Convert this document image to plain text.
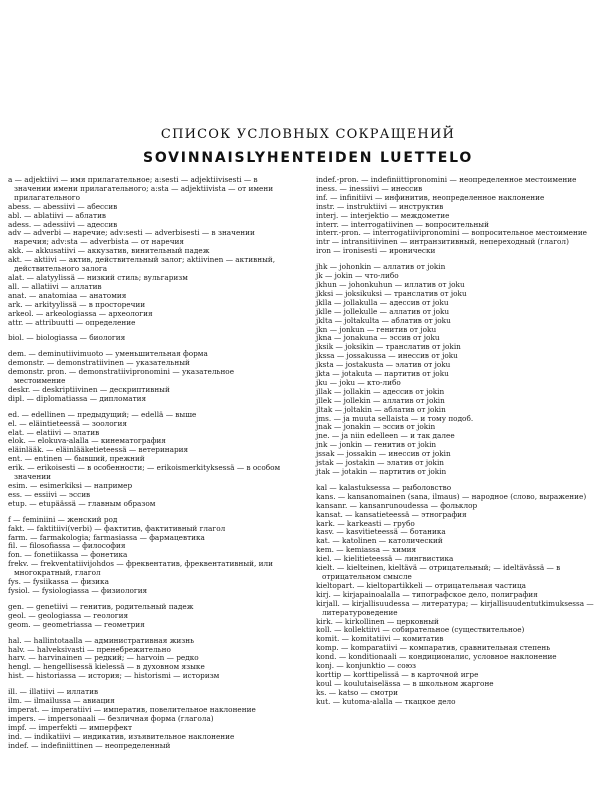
СПИСОК УСЛОВНЫХ СОКРАЩЕНИЙ
SOVINNAISLYHENTEIDEN LUETTELO

a — adjektiivi — имя прилагательное; a:sesti — adjektiivisesti — в значении имени прилагательного; a:sta — adjektiivista — от имени прилагательного

abess. — abessiivi — абессив

abl. — ablatiivi — аблатив

adess. — adessiivi — адессив

adv — adverbi — наречие; adv:sesti — adverbisesti — в значении наречия; adv:sta — adverbista — от наречия

akk. — akkusatiivi — аккузатив, винительный падеж

akt. — aktiivi — актив, действительный залог; aktiivinen — активный, действительного залога

alat. — alatyylissä — низкий стиль; вульгаризм

all. — allatiivi — аллатив

anat. — anatomiaa — анатомия

ark. — arkityylissä — в просторечии

arkeol. — arkeologiassa — археология

attr. — attribuutti — определение

biol. — biologiassa — биология

dem. — deminutiivimuoto — уменьшительная форма

demonstr. — demonstratiivinen — указательный

demonstr. pron. — demonstratiivipronomini — указательное местоимение

deskr. — deskriptiivinen — дескриптивный

dipl. — diplomatiassa — дипломатия

ed. — edellinen — предыдущий; — edellä — выше

el. — eläintieteessä — зоология

elat. — elatiivi — элатив

elok. — elokuva-alalla — кинематография

eläinlääk. — eläinlääketieteessä — ветеринария

ent. — entinen — бывший, прежний

erik. — erikoisesti — в особенности; — erikoismerkityksessä — в особом значении

esim. — esimerkiksi — например

ess. — essiivi — эссив

etup. — etupäässä — главным образом

f — feminiini — женский род

fakt. — faktitiivi(verbi) — фактитив, фактитивный глагол

farm. — farmakologia; farmasiassa — фармацевтика

fil. — filosofiassa — философия

fon. — fonetiikassa — фонетика

frekv. — frekventatiivijohdos — фреквентатив, фреквентативный, или многократный, глагол

fys. — fysiikassa — физика

fysiol. — fysiologiassa — физиология

gen. — genetiivi — генитив, родительный падеж

geol. — geologiassa — геология

geom. — geometriassa — геометрия

hal. — hallintotaalla — административная жизнь

halv. — halveksivasti — пренебрежительно

harv. — harvinainen — редкий; — harvoin — редко

hengl. — hengellisessä kielessä — в духовном языке

hist. — historiassa — история; — historismi — историзм

ill. — illatiivi — иллатив

ilm. — ilmailussa — авиация

imperat. — imperatiivi — императив, повелительное наклонение

impers. — impersonaali — безличная форма (глагола)

impf. — imperfekti — имперфект

ind. — indikatiivi — индикатив, изъявительное наклонение

indef. — indefiniittinen — неопределенный

indef.-pron. — indefiniittipronomini — неопределенное местоимение

iness. — inessiivi — инессив

inf. — infinitiivi — инфинитив, неопределенное наклонение

instr. — instruktiivi — инструктив

interj. — interjektio — междометие

interr. — interrogatiivinen — вопросительный

interr.-pron. — interrogatiivipronomini — вопросительное местоимение

intr — intransitiivinen — интранзитивный, непереходный (глагол)

iron — ironisesti — иронически

jhk — johonkin — аллатив от jokin

jk — jokin — что-либо

jkhun — johonkuhun — иллатив от joku

jkksi — joksikuksi — транслатив от joku

jklla — jollakulla — адессив от joku

jklle — jollekulle — аллатив от joku

jklta — joltakulta — аблатив от joku

jkn — jonkun — генитив от joku

jkna — jonakuna — эссив от joku

jksik — joksikin — транслатив от jokin

jkssa — jossakussa — инессив от joku

jksta — jostakusta — элатив от joku

jkta — jotakuta — партитив от joku

jku — joku — кто-либо

jllak — jollakin — адессив от jokin

jllek — jollekin — аллатив от jokin

jltak — joltakin — аблатив от jokin

jms. — ja muuta sellaista — и тому подоб.

jnak — jonakin — эссив от jokin

jne. — ja niin edelleen — и так далее

jnk — jonkin — генитив от jokin

jssak — jossakin — инессив от jokin

jstak — jostakin — элатив от jokin

jtak — jotakin — партитив от jokin

kal — kalastuksessa — рыболовство

kans. — kansanomainen (sana, ilmaus) — народное (слово, выражение)

kansanr. — kansanrunoudessa — фольклор

kansat. — kansatieteessä — этнография

kark. — karkeasti — грубо

kasv. — kasvitieteessä — ботаника

kat. — katolinen — католический

kem. — kemiassa — химия

kiel. — kielitieteessä — лингвистика

kielt. — kielteinen, kieltävä — отрицательный; — ideltävässä — в отрицательном смысле

kieltopart. — kieltopartikkeli — отрицательная частица

kirj. — kirjapainoalalla — типографское дело, полиграфия

kirjall. — kirjallisuudessa — литература; — kirjallisuudentutkimuksessa — литературоведение

kirk. — kirkollinen — церковный

koll. — kollektiivi — собирательное (существительное)

komit. — komitatiivi — комитатив

komp. — komparatiivi — компаратив, сравнительная степень

kond. — konditionaali — кондиционалис, условное наклонение

konj. — konjunktio — союз

korttip — korttipelissä — в карточной игре

koul — koulutaiselässa — в школьном жаргоне

ks. — katso — смотри

kut. — kutoma-alalla — ткацкое дело
